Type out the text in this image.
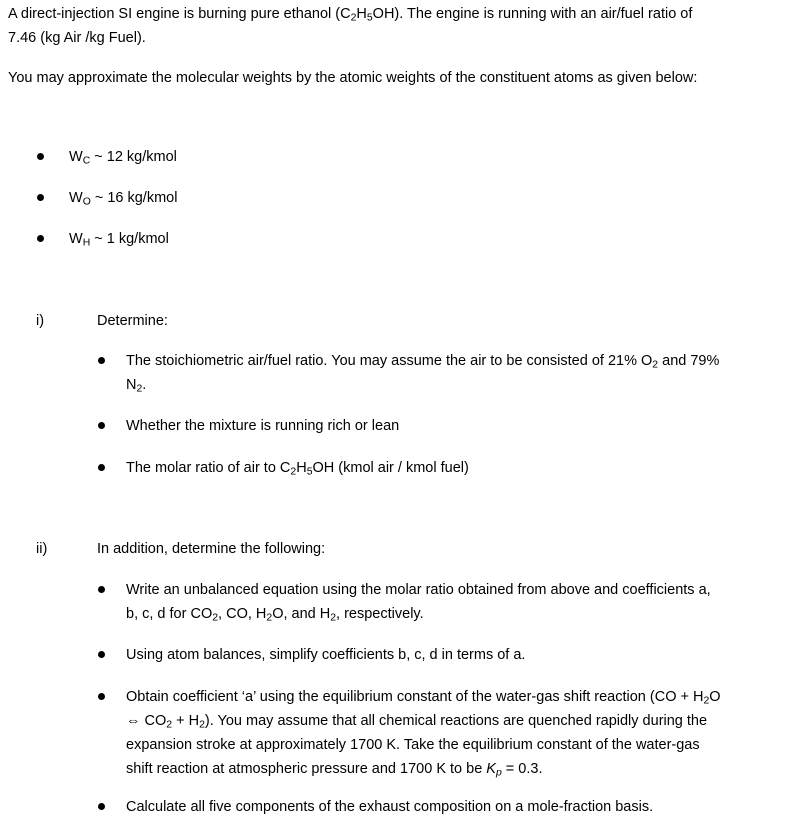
A direct-injection SI engine is burning pure ethanol $(C_2H_5OH)$. The engine is running with an air/fuel ratio of
7.46 (kg Air /kg Fuel).
You may approximate the molecular weights by the atomic weights of the constituent atoms as given below:
$W_C$ ~ 12 kg/kmol
$W_O$ ~ 16 kg/kmol
$W_H$ ~ 1 kg/kmol
i)	Determine:
The stoichiometric air/fuel ratio. You may assume the air to be consisted of 21% $O_2$ and 79%
$N_2$.
Whether the mixture is running rich or lean
The molar ratio of air to $C_2H_5OH$ (kmol air / kmol fuel)
ii)	In addition, determine the following:
Write an unbalanced equation using the molar ratio obtained from above and coefficients a,
b, c, d for $CO_2$, CO, $H_2O$, and $H_2$, respectively.
Using atom balances, simplify coefficients b, c, d in terms of a.
Obtain coefficient ‘a’ using the equilibrium constant of the water-gas shift reaction ($CO + H_2O$
⇔ $CO_2 + H_2$). You may assume that all chemical reactions are quenched rapidly during the
expansion stroke at approximately 1700 K. Take the equilibrium constant of the water-gas
shift reaction at atmospheric pressure and 1700 K to be $K_p = 0.3$.
Calculate all five components of the exhaust composition on a mole-fraction basis.
